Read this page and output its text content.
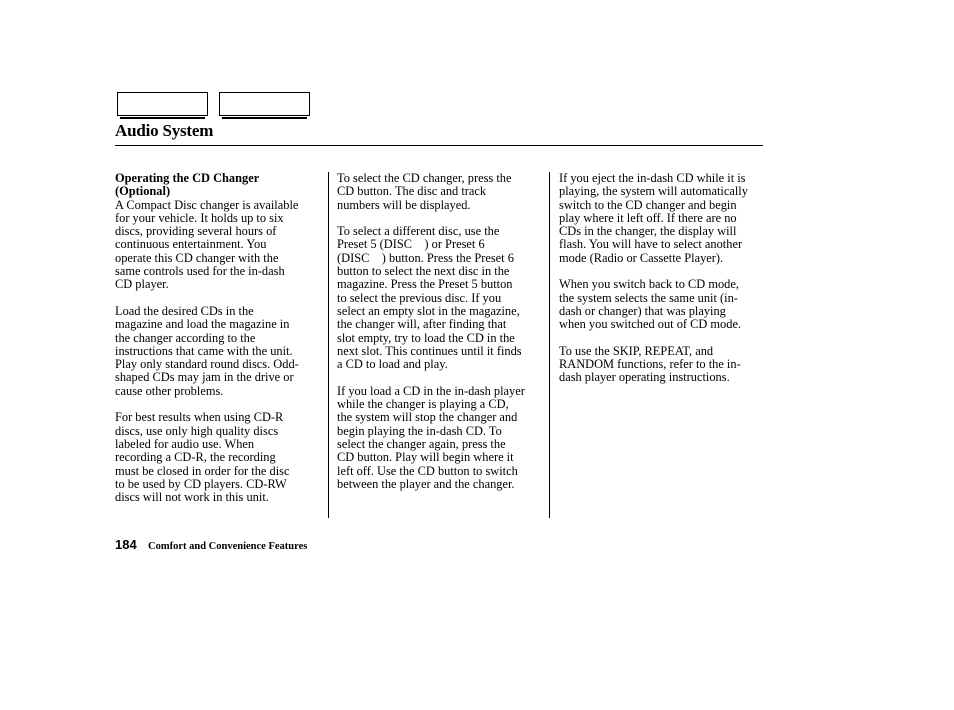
Audio System
Operating the CD Changer
(Optional)
A Compact Disc changer is available
for your vehicle. It holds up to six
discs, providing several hours of
continuous entertainment. You
operate this CD changer with the
same controls used for the in-dash
CD player.
Load the desired CDs in the
magazine and load the magazine in
the changer according to the
instructions that came with the unit.
Play only standard round discs. Odd-
shaped CDs may jam in the drive or
cause other problems.
For best results when using CD-R
discs, use only high quality discs
labeled for audio use. When
recording a CD-R, the recording
must be closed in order for the disc
to be used by CD players. CD-RW
discs will not work in this unit.
To select the CD changer, press the
CD button. The disc and track
numbers will be displayed.
To select a different disc, use the
Preset 5 (DISC    ) or Preset 6
(DISC    ) button. Press the Preset 6
button to select the next disc in the
magazine. Press the Preset 5 button
to select the previous disc. If you
select an empty slot in the magazine,
the changer will, after finding that
slot empty, try to load the CD in the
next slot. This continues until it finds
a CD to load and play.
If you load a CD in the in-dash player
while the changer is playing a CD,
the system will stop the changer and
begin playing the in-dash CD. To
select the changer again, press the
CD button. Play will begin where it
left off. Use the CD button to switch
between the player and the changer.
If you eject the in-dash CD while it is
playing, the system will automatically
switch to the CD changer and begin
play where it left off. If there are no
CDs in the changer, the display will
flash. You will have to select another
mode (Radio or Cassette Player).
When you switch back to CD mode,
the system selects the same unit (in-
dash or changer) that was playing
when you switched out of CD mode.
To use the SKIP, REPEAT, and
RANDOM functions, refer to the in-
dash player operating instructions.
184 Comfort and Convenience Features
